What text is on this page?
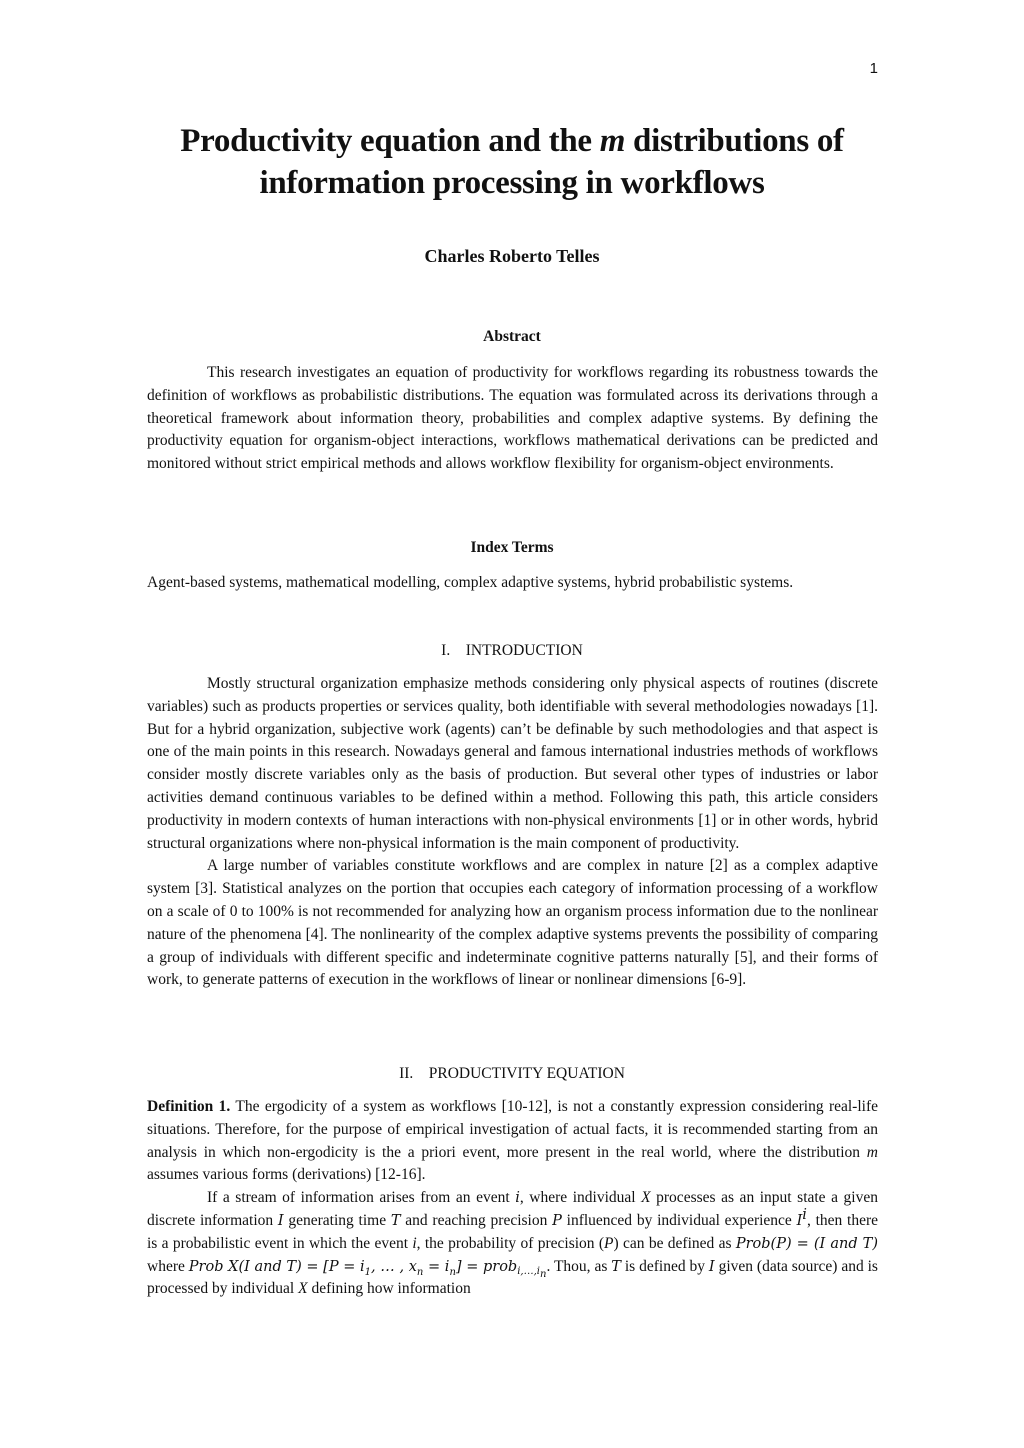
1
Productivity equation and the m distributions of
information processing in workflows
Charles Roberto Telles
Abstract

This research investigates an equation of productivity for workflows regarding its robustness towards the definition of workflows as probabilistic distributions. The equation was formulated across its derivations through a theoretical framework about information theory, probabilities and complex adaptive systems. By defining the productivity equation for organism-object interactions, workflows mathematical derivations can be predicted and monitored without strict empirical methods and allows workflow flexibility for organism-object environments.

Index Terms
Agent-based systems, mathematical modelling, complex adaptive systems, hybrid probabilistic systems.
I.    INTRODUCTION

Mostly structural organization emphasize methods considering only physical aspects of routines (discrete variables) such as products properties or services quality, both identifiable with several methodologies nowadays [1]. But for a hybrid organization, subjective work (agents) can’t be definable by such methodologies and that aspect is one of the main points in this research. Nowadays general and famous international industries methods of workflows consider mostly discrete variables only as the basis of production. But several other types of industries or labor activities demand continuous variables to be defined within a method. Following this path, this article considers productivity in modern contexts of human interactions with non-physical environments [1] or in other words, hybrid structural organizations where non-physical information is the main component of productivity.

A large number of variables constitute workflows and are complex in nature [2] as a complex adaptive system [3]. Statistical analyzes on the portion that occupies each category of information processing of a workflow on a scale of 0 to 100% is not recommended for analyzing how an organism process information due to the nonlinear nature of the phenomena [4]. The nonlinearity of the complex adaptive systems prevents the possibility of comparing a group of individuals with different specific and indeterminate cognitive patterns naturally [5], and their forms of work, to generate patterns of execution in the workflows of linear or nonlinear dimensions [6-9].

II.    PRODUCTIVITY EQUATION

Definition 1. The ergodicity of a system as workflows [10-12], is not a constantly expression considering real-life situations. Therefore, for the purpose of empirical investigation of actual facts, it is recommended starting from an analysis in which non-ergodicity is the a priori event, more present in the real world, where the distribution m assumes various forms (derivations) [12-16].

If a stream of information arises from an event i, where individual X processes as an input state a given discrete information I generating time T and reaching precision P influenced by individual experience $I^i$, then there is a probabilistic event in which the event i, the probability of precision (P) can be defined as Prob(P) = (I and T) where Prob X(I and $T) = [P = i_1$, … , $x_n = i_n$] = prob$_{i,\dots,i_n}$. Thou, as T is defined by I given (data source) and is processed by individual X defining how information
